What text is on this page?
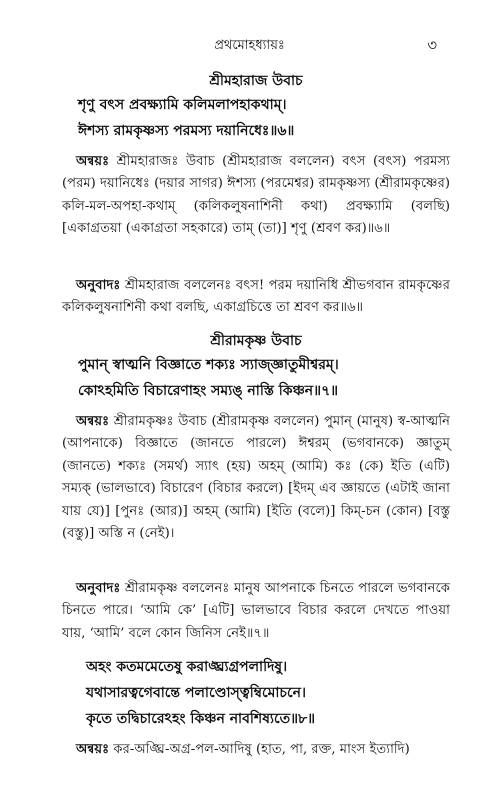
প্রথমোহধ্যায়ঃ	৩

শ্রীমহারাজ উবাচ

শৃণু বৎস প্রবক্ষ্যামি কলিমলাপহাকথাম্।

ঈশস্য রামকৃষ্ণস্য পরমস্য দয়ানিধেঃ॥৬॥

অন্বয়ঃ শ্রীমহারাজঃ উবাচ (শ্রীমহারাজ বললেন) বৎস (বৎস) পরমস্য (পরম) দয়ানিধেঃ (দয়ার সাগর) ঈশস্য (পরমেশ্বর) রামকৃষ্ণস্য (শ্রীরামকৃষ্ণের) কলি-মল-অপহা-কথাম্ (কলিকলুষনাশিনী কথা) প্রবক্ষ্যামি (বলছি) [একাগ্রতয়া (একাগ্রতা সহকারে) তাম্ (তা)] শৃণু (শ্রবণ কর)॥৬॥

অনুবাদঃ শ্রীমহারাজ বললেনঃ বৎস! পরম দয়ানিধি শ্রীভগবান রামকৃষ্ণের কলিকলুষনাশিনী কথা বলছি, একাগ্রচিত্তে তা শ্রবণ কর॥৬॥

শ্রীরামকৃষ্ণ উবাচ

পুমান্ স্বাত্মনি বিজ্ঞাতে শক্যঃ স্যাজ্জ্ঞাতুমীশ্বরম্।

কোঽহমিতি বিচারেণাহং সম্যঙ্ নাস্তি কিঞ্চন॥৭॥

অন্বয়ঃ শ্রীরামকৃষ্ণঃ উবাচ (শ্রীরামকৃষ্ণ বললেন) পুমান্ (মানুষ) স্ব-আত্মনি (আপনাকে) বিজ্ঞাতে (জানতে পারলে) ঈশ্বরম্ (ভগবানকে) জ্ঞাতুম্ (জানতে) শক্যঃ (সমর্থ) স্যাৎ (হয়) অহম্ (আমি) কঃ (কে) ইতি (এটি) সম্যক্ (ভালভাবে) বিচারেণ (বিচার করলে) [ইদম্ এব জ্ঞায়তে (এটাই জানা যায় যে)] [পুনঃ (আর)] অহম্ (আমি) [ইতি (বলে)] কিম্-চন (কোন) [বস্তু (বস্তু)] অস্তি ন (নেই)।

অনুবাদঃ শ্রীরামকৃষ্ণ বললেনঃ মানুষ আপনাকে চিনতে পারলে ভগবানকে চিনতে পারে। ‘আমি কে’ [এটি] ভালভাবে বিচার করলে দেখতে পাওয়া যায়, ‘আমি’ বলে কোন জিনিস নেই॥৭॥

অহং কতমমেতেষু করাঙ্ঘ্র্যগ্রপলাদিষু।

যথাসারত্বগেবান্তে পলাণ্ডোস্ত্বম্বিমোচনে।

কৃতে তদ্বিচারেঽহং কিঞ্চন নাবশিষ্যতে॥৮॥

অন্বয়ঃ কর-অঙ্ঘ্রি-অগ্র-পল-আদিষু (হাত, পা, রক্ত, মাংস ইত্যাদি)
